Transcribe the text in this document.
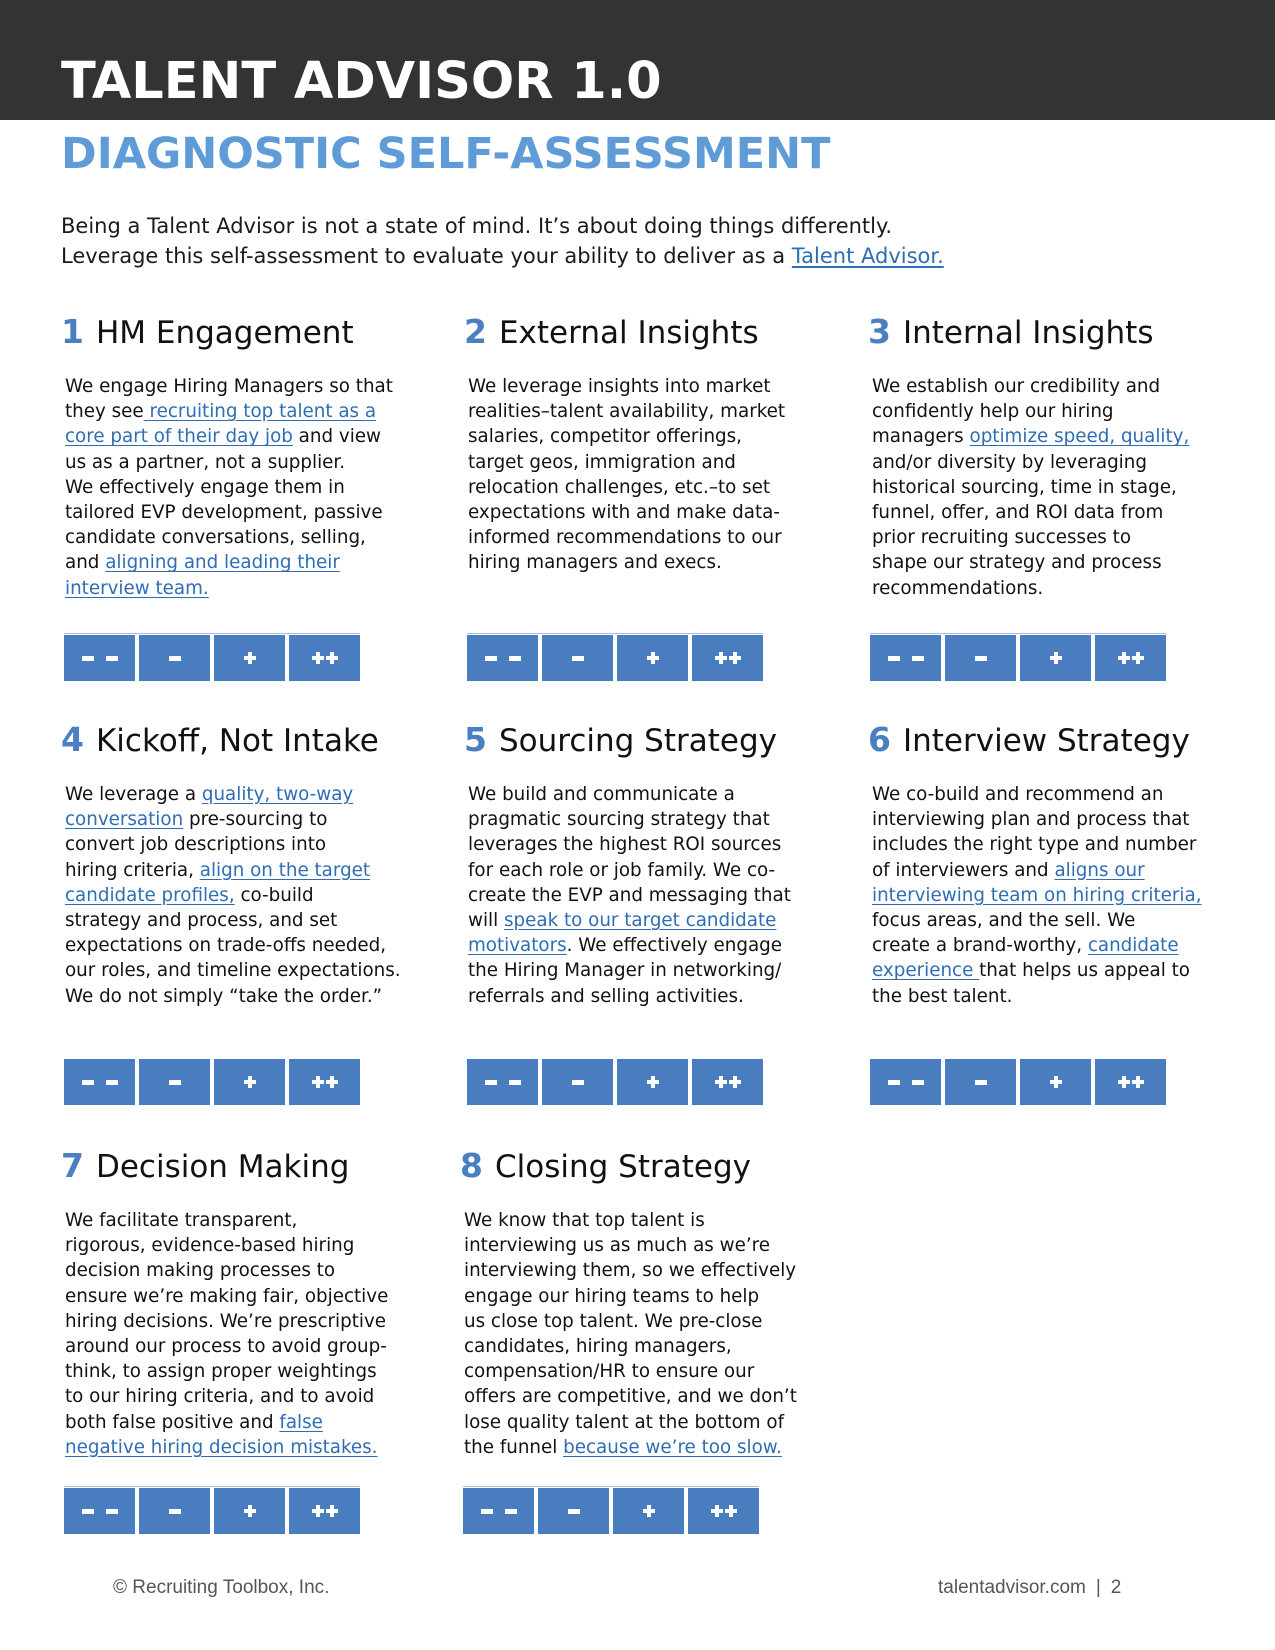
TALENT ADVISOR 1.0
DIAGNOSTIC SELF-ASSESSMENT

Being a Talent Advisor is not a state of mind. It’s about doing things differently.

Leverage this self-assessment to evaluate your ability to deliver as a Talent Advisor.

1 HM Engagement
We engage Hiring Managers so that
they see recruiting top talent as a
core part of their day job and view
us as a partner, not a supplier.
We effectively engage them in
tailored EVP development, passive
candidate conversations, selling,
and aligning and leading their
interview team.
2 External Insights
We leverage insights into market
realities–talent availability, market
salaries, competitor offerings,
target geos, immigration and
relocation challenges, etc.–to set
expectations with and make data-
informed recommendations to our
hiring managers and execs.
3 Internal Insights
We establish our credibility and
confidently help our hiring
managers optimize speed, quality,
and/or diversity by leveraging
historical sourcing, time in stage,
funnel, offer, and ROI data from
prior recruiting successes to
shape our strategy and process
recommendations.
4 Kickoff, Not Intake
We leverage a quality, two-way
conversation pre-sourcing to
convert job descriptions into
hiring criteria, align on the target
candidate profiles, co-build
strategy and process, and set
expectations on trade-offs needed,
our roles, and timeline expectations.
We do not simply “take the order.”
5 Sourcing Strategy
We build and communicate a
pragmatic sourcing strategy that
leverages the highest ROI sources
for each role or job family. We co-
create the EVP and messaging that
will speak to our target candidate
motivators. We effectively engage
the Hiring Manager in networking/
referrals and selling activities.
6 Interview Strategy
We co-build and recommend an
interviewing plan and process that
includes the right type and number
of interviewers and aligns our
interviewing team on hiring criteria,
focus areas, and the sell. We
create a brand-worthy, candidate
experience that helps us appeal to
the best talent.
7 Decision Making
We facilitate transparent,
rigorous, evidence-based hiring
decision making processes to
ensure we’re making fair, objective
hiring decisions. We’re prescriptive
around our process to avoid group-
think, to assign proper weightings
to our hiring criteria, and to avoid
both false positive and false
negative hiring decision mistakes.
8 Closing Strategy
We know that top talent is
interviewing us as much as we’re
interviewing them, so we effectively
engage our hiring teams to help
us close top talent. We pre-close
candidates, hiring managers,
compensation/HR to ensure our
offers are competitive, and we don’t
lose quality talent at the bottom of
the funnel because we’re too slow.
© Recruiting Toolbox, Inc.	talentadvisor.com | 2
